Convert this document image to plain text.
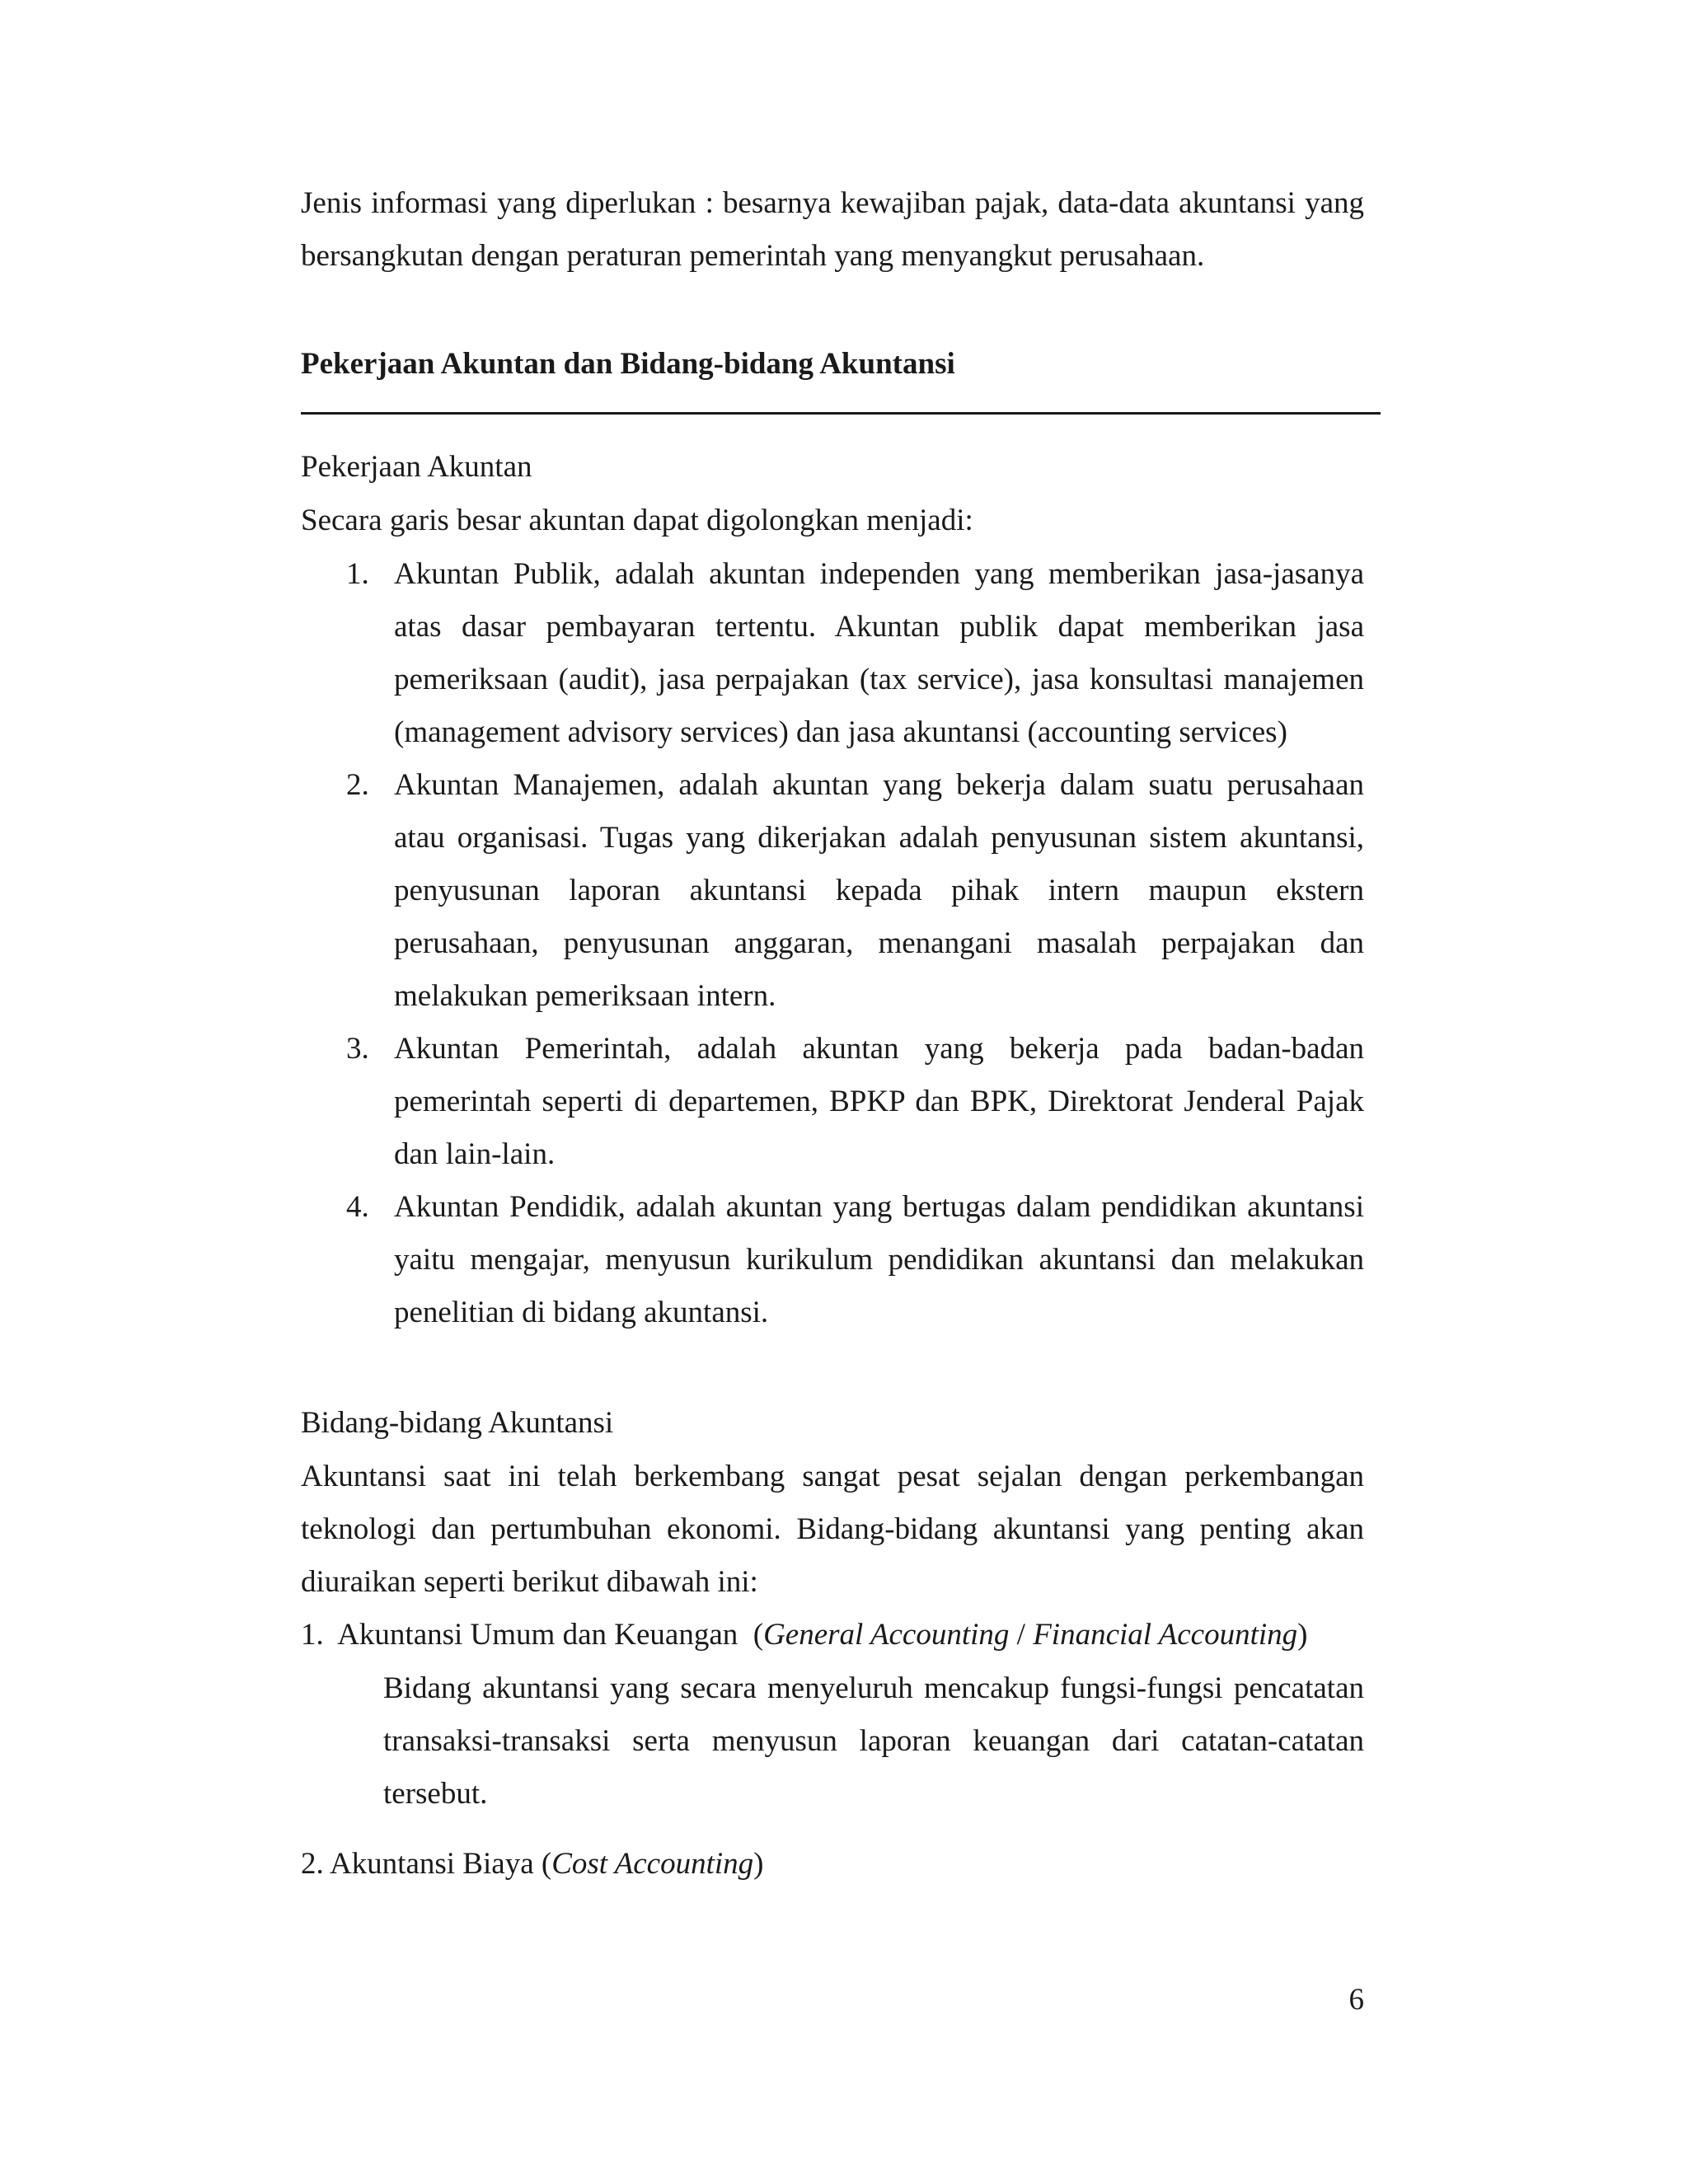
Jenis informasi yang diperlukan : besarnya kewajiban pajak, data-data akuntansi yang bersangkutan dengan peraturan pemerintah yang menyangkut perusahaan.
Pekerjaan Akuntan dan Bidang-bidang Akuntansi
Pekerjaan Akuntan
Secara garis besar akuntan dapat digolongkan menjadi:
1. Akuntan Publik, adalah akuntan independen yang memberikan jasa-jasanya atas dasar pembayaran tertentu. Akuntan publik dapat memberikan jasa pemeriksaan (audit), jasa perpajakan (tax service), jasa konsultasi manajemen (management advisory services) dan jasa akuntansi (accounting services)
2. Akuntan Manajemen, adalah akuntan yang bekerja dalam suatu perusahaan atau organisasi. Tugas yang dikerjakan adalah penyusunan sistem akuntansi, penyusunan laporan akuntansi kepada pihak intern maupun ekstern perusahaan, penyusunan anggaran, menangani masalah perpajakan dan melakukan pemeriksaan intern.
3. Akuntan Pemerintah, adalah akuntan yang bekerja pada badan-badan pemerintah seperti di departemen, BPKP dan BPK, Direktorat Jenderal Pajak dan lain-lain.
4. Akuntan Pendidik, adalah akuntan yang bertugas dalam pendidikan akuntansi yaitu mengajar, menyusun kurikulum pendidikan akuntansi dan melakukan penelitian di bidang akuntansi.
Bidang-bidang Akuntansi
Akuntansi saat ini telah berkembang sangat pesat sejalan dengan perkembangan teknologi dan pertumbuhan ekonomi. Bidang-bidang akuntansi yang penting akan diuraikan seperti berikut dibawah ini:
1.  Akuntansi Umum dan Keuangan  (General Accounting / Financial Accounting)
Bidang akuntansi yang secara menyeluruh mencakup fungsi-fungsi pencatatan transaksi-transaksi serta menyusun laporan keuangan dari catatan-catatan tersebut.
2. Akuntansi Biaya (Cost Accounting)
6
